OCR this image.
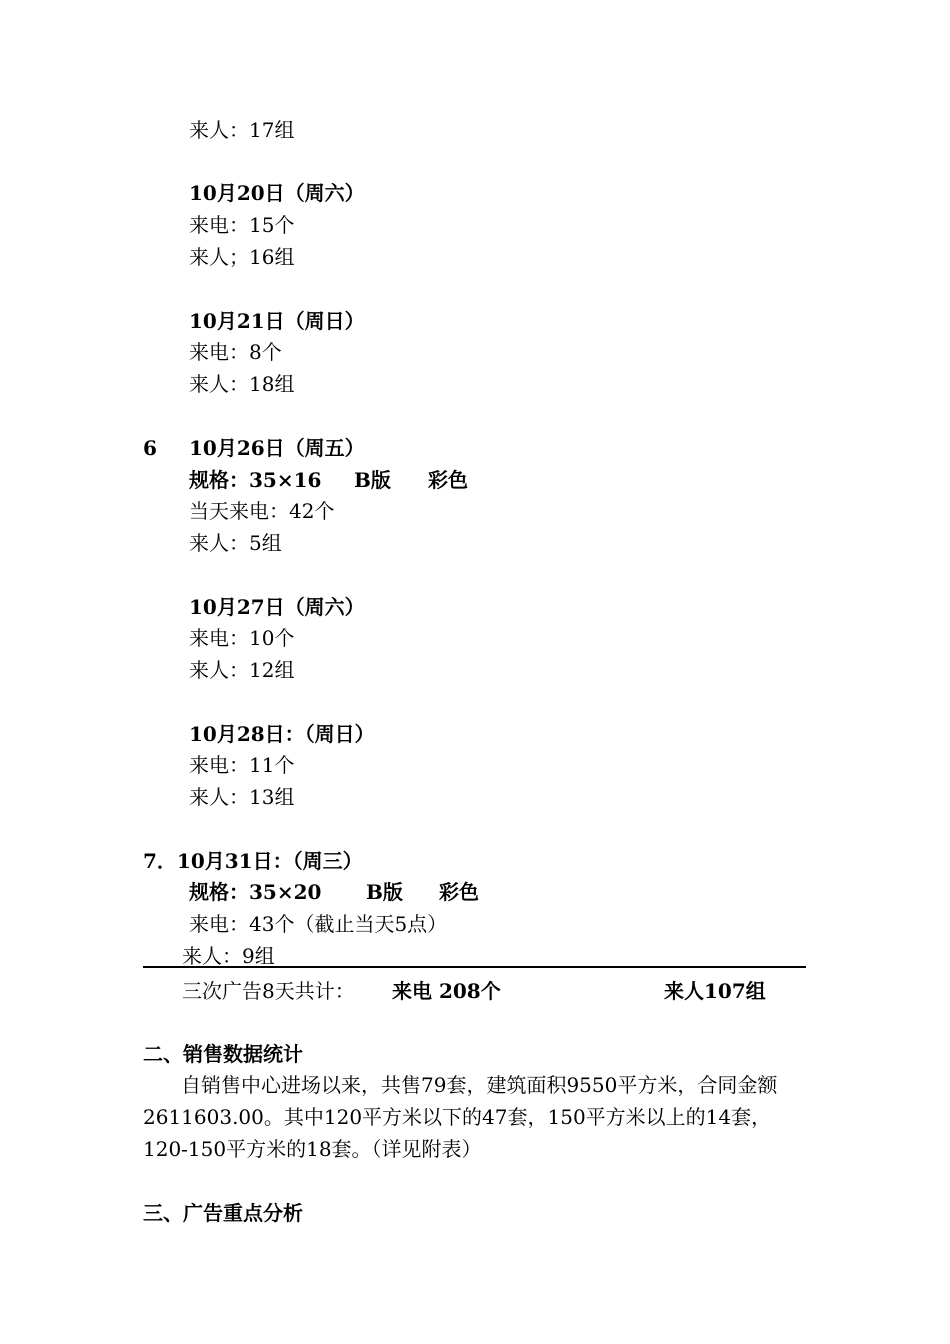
来人：17组
10月20日（周六）
来电：15个
来人；16组
10月21日（周日）
来电：8个
来人：18组
6 10月26日（周五）
规格：35×16 B版 彩色
当天来电：42个
来人：5组
10月27日（周六）
来电：10个
来人：12组
10月28日：（周日）
来电：11个
来人：13组
7．10月31日：（周三）
规格：35×20 B版 彩色
来电：43个（截止当天5点）
来人：9组
三次广告8天共计： 来电 208个	来人107组
二、销售数据统计
自销售中心进场以来，共售79套，建筑面积9550平方米，合同金额2611603.00。其中120平方米以下的47套，150平方米以上的14套，120-150平方米的18套。（详见附表）
三、广告重点分析
